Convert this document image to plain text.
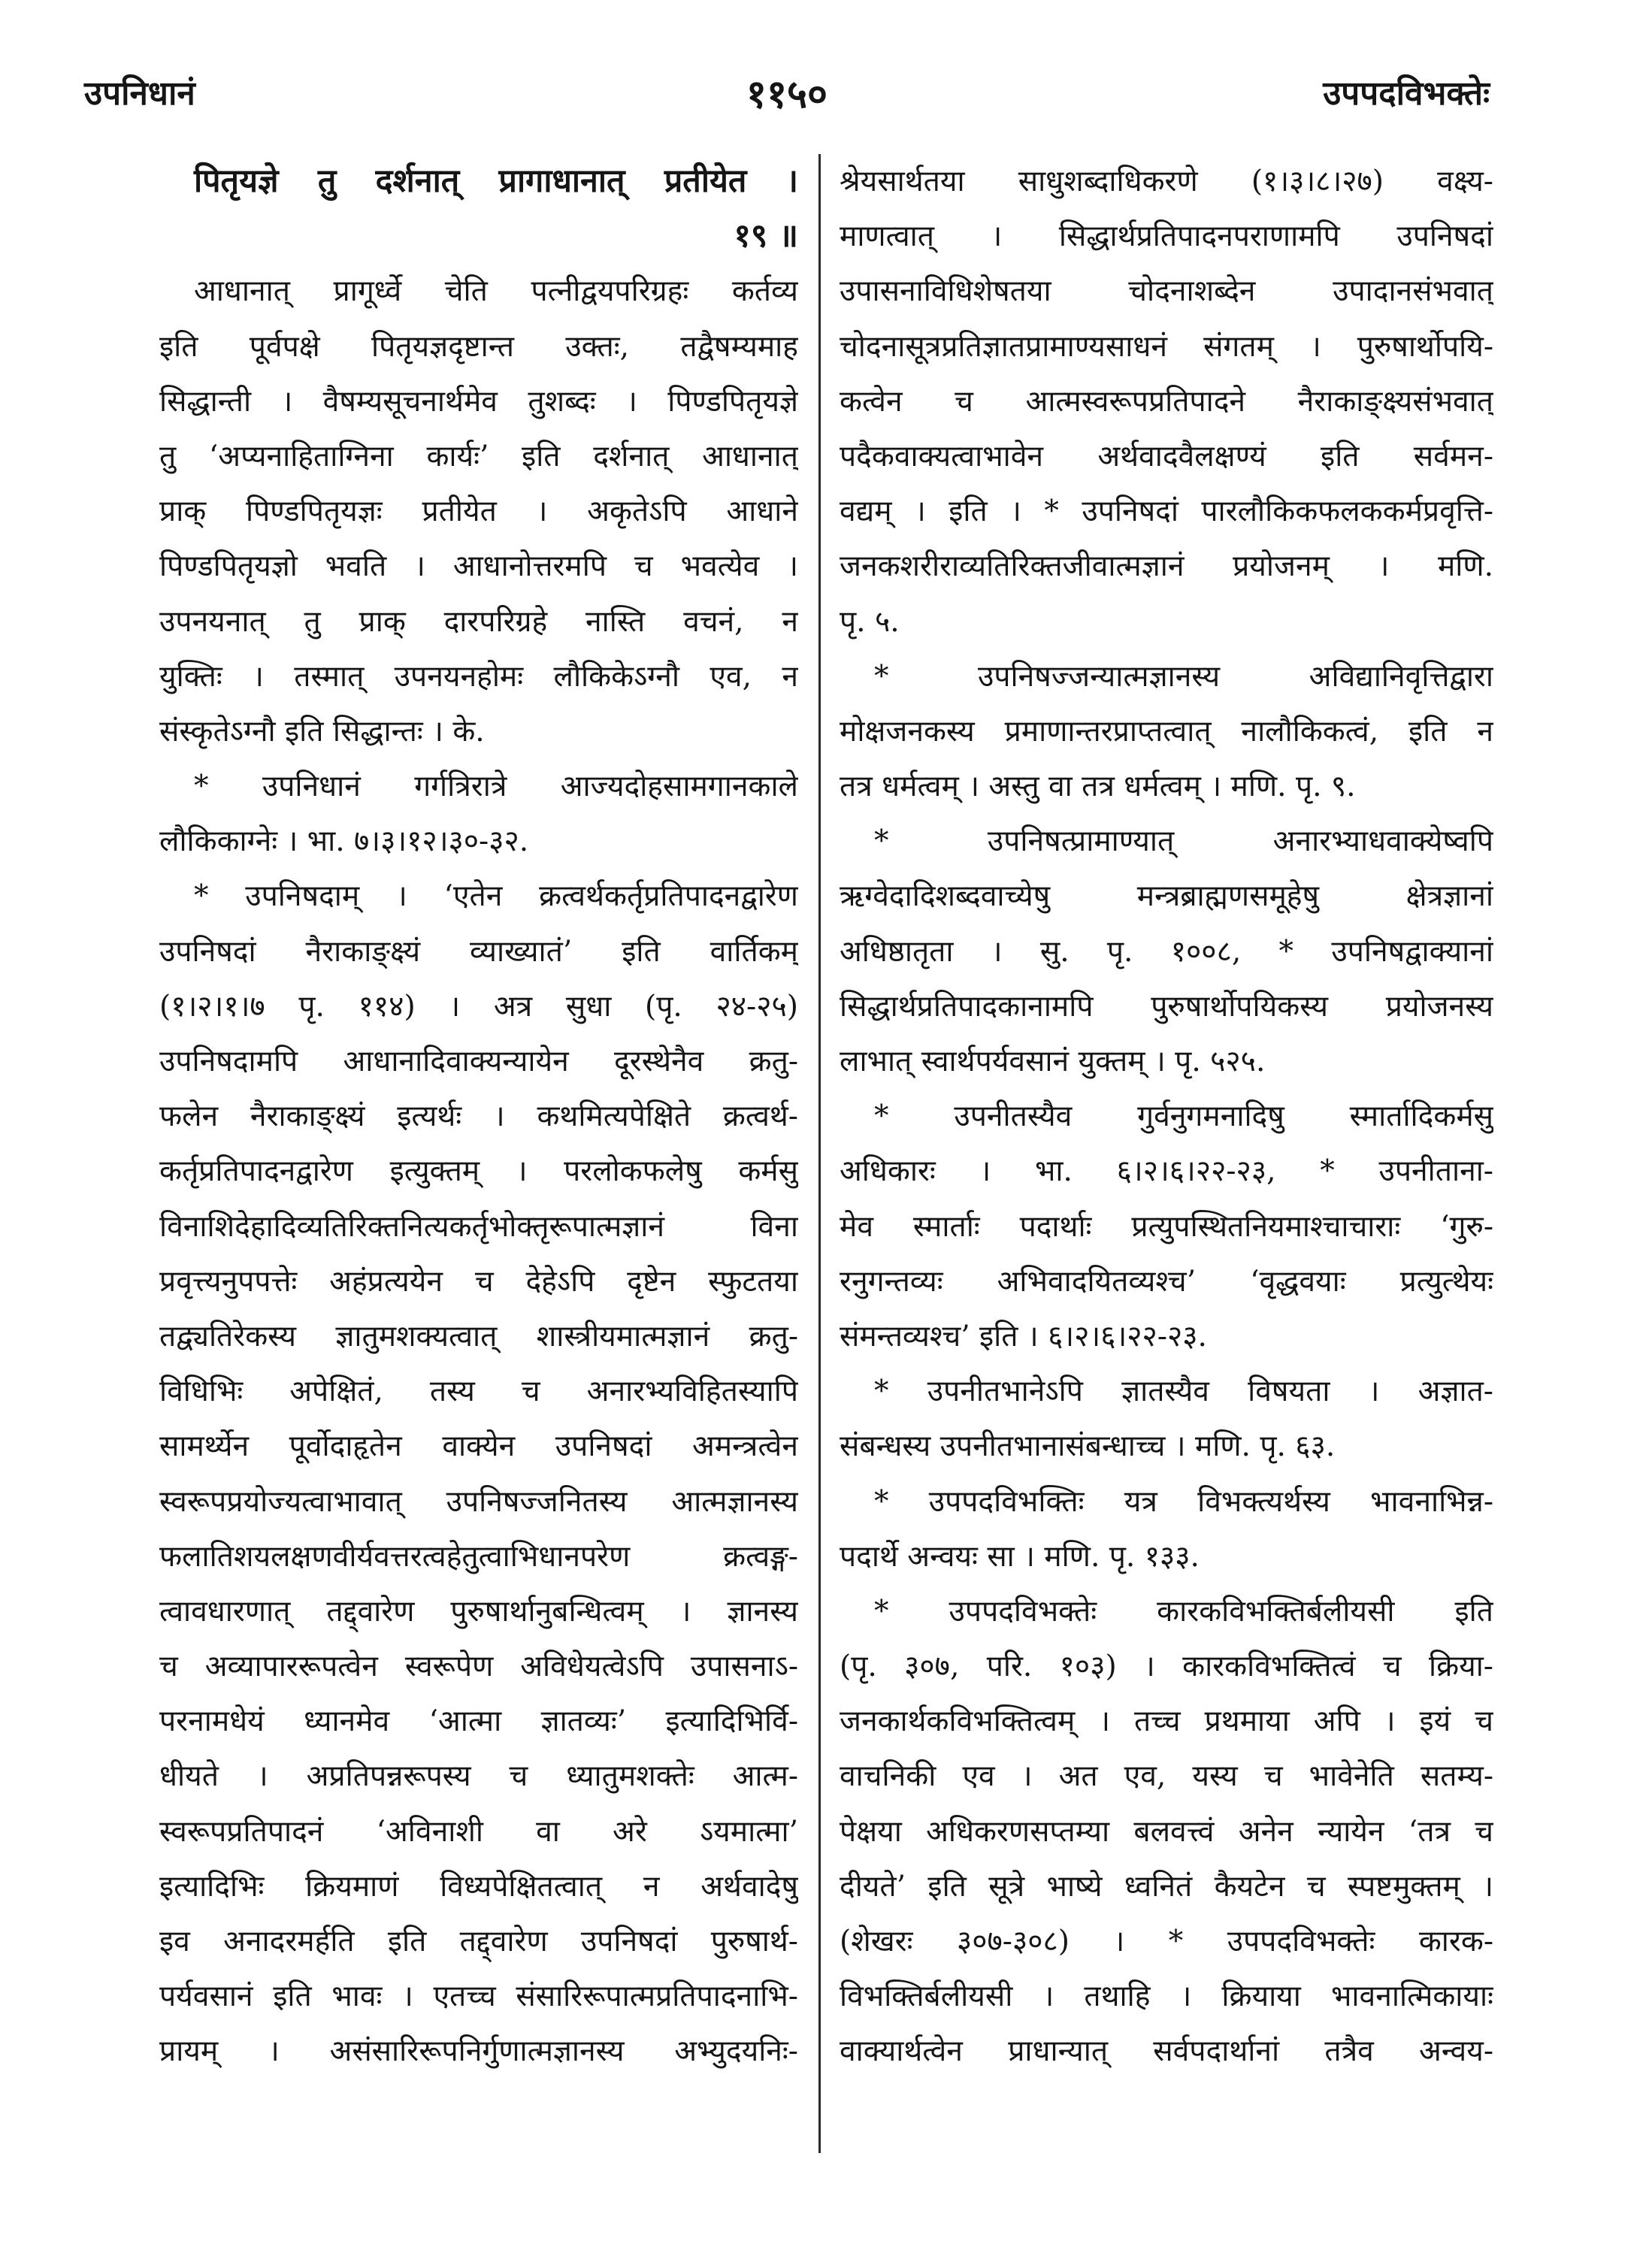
उपनिधानं	११५०	उपपदविभक्तेः
पितृयज्ञे तु दर्शनात् प्रागाधानात् प्रतीयेत ।
१९ ॥
आधानात् प्रागूर्ध्वे चेति पत्नीद्वयपरिग्रहः कर्तव्य
इति पूर्वपक्षे पितृयज्ञदृष्टान्त उक्तः, तद्वैषम्यमाह
सिद्धान्ती । वैषम्यसूचनार्थमेव तुशब्दः । पिण्डपितृयज्ञे
तु ‘अप्यनाहिताग्निना कार्यः’ इति दर्शनात् आधानात्
प्राक् पिण्डपितृयज्ञः प्रतीयेत । अकृतेऽपि आधाने
पिण्डपितृयज्ञो भवति । आधानोत्तरमपि च भवत्येव ।
उपनयनात् तु प्राक् दारपरिग्रहे नास्ति वचनं, न
युक्तिः । तस्मात् उपनयनहोमः लौकिकेऽग्नौ एव, न
संस्कृतेऽग्नौ इति सिद्धान्तः । के.
* उपनिधानं गर्गत्रिरात्रे आज्यदोहसामगानकाले
लौकिकाग्नेः । भा. ७।३।१२।३०-३२.
* उपनिषदाम् । ‘एतेन क्रत्वर्थकर्तृप्रतिपादनद्वारेण
उपनिषदां नैराकाङ्क्ष्यं व्याख्यातं’ इति वार्तिकम्
(१।२।१।७ पृ. ११४) । अत्र सुधा (पृ. २४-२५)
उपनिषदामपि आधानादिवाक्यन्यायेन दूरस्थेनैव क्रतु-
फलेन नैराकाङ्क्ष्यं इत्यर्थः । कथमित्यपेक्षिते क्रत्वर्थ-
कर्तृप्रतिपादनद्वारेण इत्युक्तम् । परलोकफलेषु कर्मसु
विनाशिदेहादिव्यतिरिक्तनित्यकर्तृभोक्तृरूपात्मज्ञानं विना
प्रवृत्त्यनुपपत्तेः अहंप्रत्ययेन च देहेऽपि दृष्टेन स्फुटतया
तद्व्यतिरेकस्य ज्ञातुमशक्यत्वात् शास्त्रीयमात्मज्ञानं क्रतु-
विधिभिः अपेक्षितं, तस्य च अनारभ्यविहितस्यापि
सामर्थ्येन पूर्वोदाहृतेन वाक्येन उपनिषदां अमन्त्रत्वेन
स्वरूपप्रयोज्यत्वाभावात् उपनिषज्जनितस्य आत्मज्ञानस्य
फलातिशयलक्षणवीर्यवत्तरत्वहेतुत्वाभिधानपरेण क्रत्वङ्ग-
त्वावधारणात् तद्द्वारेण पुरुषार्थानुबन्धित्वम् । ज्ञानस्य
च अव्यापाररूपत्वेन स्वरूपेण अविधेयत्वेऽपि उपासनाऽ-
परनामधेयं ध्यानमेव ‘आत्मा ज्ञातव्यः’ इत्यादिभिर्वि-
धीयते । अप्रतिपन्नरूपस्य च ध्यातुमशक्तेः आत्म-
स्वरूपप्रतिपादनं ‘अविनाशी वा अरे ऽयमात्मा’
इत्यादिभिः क्रियमाणं विध्यपेक्षितत्वात् न अर्थवादेषु
इव अनादरमर्हति इति तद्द्वारेण उपनिषदां पुरुषार्थ-
पर्यवसानं इति भावः । एतच्च संसारिरूपात्मप्रतिपादनाभि-
प्रायम् । असंसारिरूपनिर्गुणात्मज्ञानस्य अभ्युदयनिः-
श्रेयसार्थतया साधुशब्दाधिकरणे (१।३।८।२७) वक्ष्य-
माणत्वात् । सिद्धार्थप्रतिपादनपराणामपि उपनिषदां
उपासनाविधिशेषतया चोदनाशब्देन उपादानसंभवात्
चोदनासूत्रप्रतिज्ञातप्रामाण्यसाधनं संगतम् । पुरुषार्थोपयि-
कत्वेन च आत्मस्वरूपप्रतिपादने नैराकाङ्क्ष्यसंभवात्
पदैकवाक्यत्वाभावेन अर्थवादवैलक्षण्यं इति सर्वमन-
वद्यम् । इति । * उपनिषदां पारलौकिकफलककर्मप्रवृत्ति-
जनकशरीराव्यतिरिक्तजीवात्मज्ञानं प्रयोजनम् । मणि.
पृ. ५.
* उपनिषज्जन्यात्मज्ञानस्य अविद्यानिवृत्तिद्वारा
मोक्षजनकस्य प्रमाणान्तरप्राप्तत्वात् नालौकिकत्वं, इति न
तत्र धर्मत्वम् । अस्तु वा तत्र धर्मत्वम् । मणि. पृ. ९.
* उपनिषत्प्रामाण्यात् अनारभ्याधवाक्येष्वपि
ऋग्वेदादिशब्दवाच्येषु मन्त्रब्राह्मणसमूहेषु क्षेत्रज्ञानां
अधिष्ठातृता । सु. पृ. १००८, * उपनिषद्वाक्यानां
सिद्धार्थप्रतिपादकानामपि पुरुषार्थोपयिकस्य प्रयोजनस्य
लाभात् स्वार्थपर्यवसानं युक्तम् । पृ. ५२५.
* उपनीतस्यैव गुर्वनुगमनादिषु स्मार्तादिकर्मसु
अधिकारः । भा. ६।२।६।२२-२३, * उपनीताना-
मेव स्मार्ताः पदार्थाः प्रत्युपस्थितनियमाश्चाचाराः ‘गुरु-
रनुगन्तव्यः अभिवादयितव्यश्च’ ‘वृद्धवयाः प्रत्युत्थेयः
संमन्तव्यश्च’ इति । ६।२।६।२२-२३.
* उपनीतभानेऽपि ज्ञातस्यैव विषयता । अज्ञात-
संबन्धस्य उपनीतभानासंबन्धाच्च । मणि. पृ. ६३.
* उपपदविभक्तिः यत्र विभक्त्यर्थस्य भावनाभिन्न-
पदार्थे अन्वयः सा । मणि. पृ. १३३.
* उपपदविभक्तेः कारकविभक्तिर्बलीयसी इति
(पृ. ३०७, परि. १०३) । कारकविभक्तित्वं च क्रिया-
जनकार्थकविभक्तित्वम् । तच्च प्रथमाया अपि । इयं च
वाचनिकी एव । अत एव, यस्य च भावेनेति सतम्य-
पेक्षया अधिकरणसप्तम्या बलवत्त्वं अनेन न्यायेन ‘तत्र च
दीयते’ इति सूत्रे भाष्ये ध्वनितं कैयटेन च स्पष्टमुक्तम् ।
(शेखरः ३०७-३०८) । * उपपदविभक्तेः कारक-
विभक्तिर्बलीयसी । तथाहि । क्रियाया भावनात्मिकायाः
वाक्यार्थत्वेन प्राधान्यात् सर्वपदार्थानां तत्रैव अन्वय-
